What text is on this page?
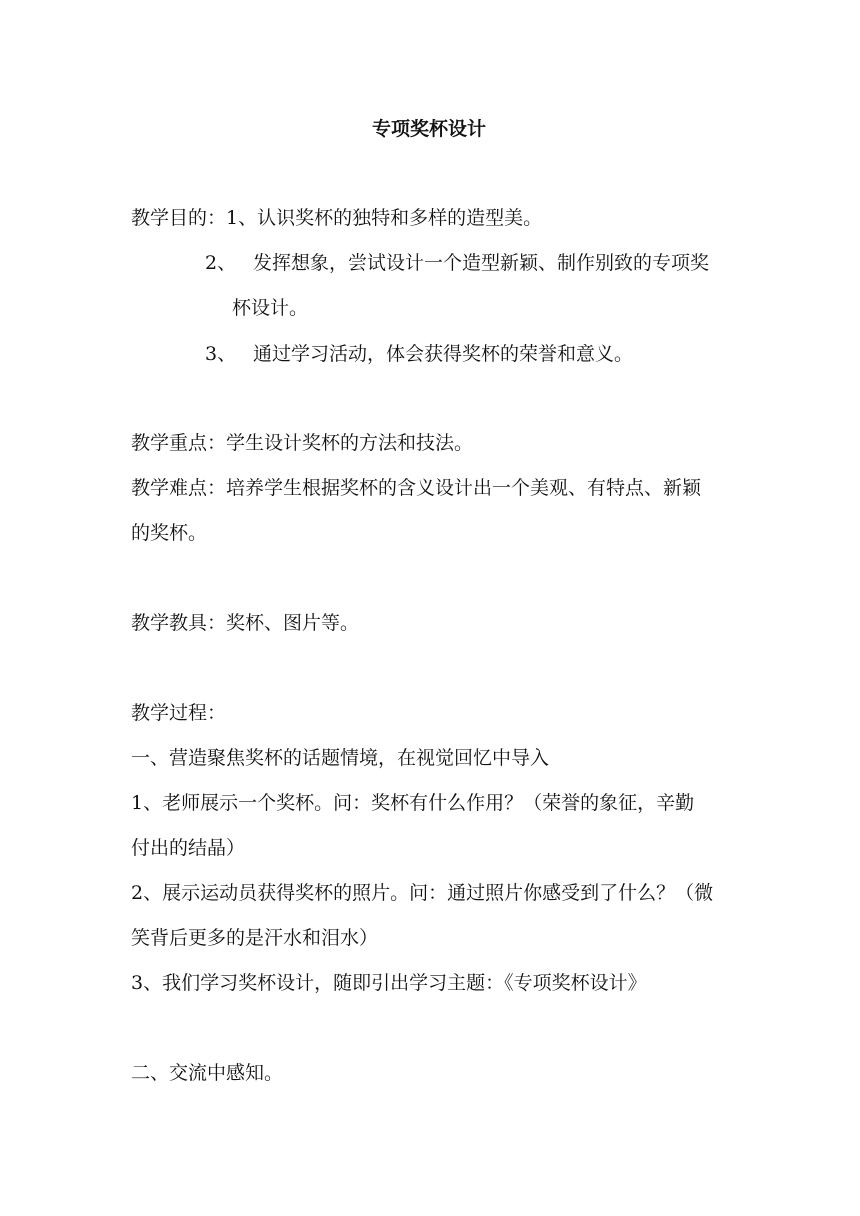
专项奖杯设计
教学目的：1、认识奖杯的独特和多样的造型美。
2、 发挥想象，尝试设计一个造型新颖、制作别致的专项奖
杯设计。
3、 通过学习活动，体会获得奖杯的荣誉和意义。
教学重点：学生设计奖杯的方法和技法。
教学难点：培养学生根据奖杯的含义设计出一个美观、有特点、新颖
的奖杯。
教学教具：奖杯、图片等。
教学过程：
一、营造聚焦奖杯的话题情境，在视觉回忆中导入
1、老师展示一个奖杯。问：奖杯有什么作用？（荣誉的象征，辛勤
付出的结晶）
2、展示运动员获得奖杯的照片。问：通过照片你感受到了什么？（微
笑背后更多的是汗水和泪水）
3、我们学习奖杯设计，随即引出学习主题：《专项奖杯设计》
二、交流中感知。
